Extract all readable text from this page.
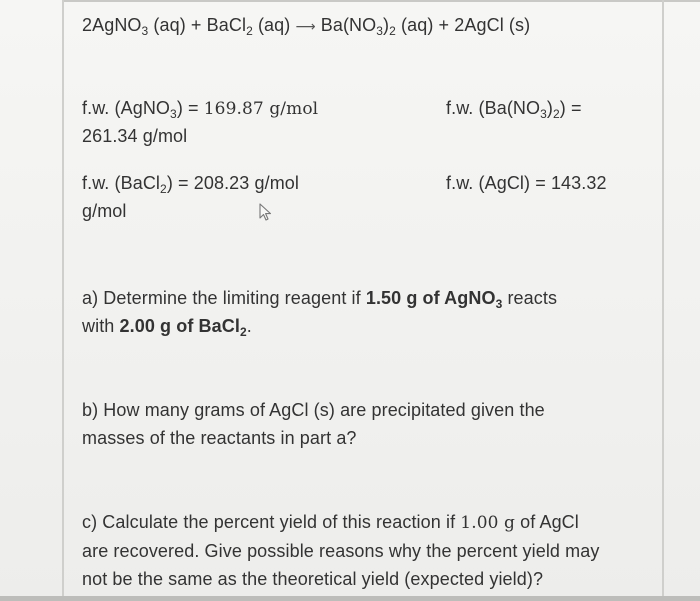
2AgNO$_3$ (aq) + BaCl$_2$ (aq) ⟶ $Ba(NO_3)_2$ (aq) + 2AgCl (s)
f.w. (AgNO$_3$) = 169.87 g/mol	f.w. $(Ba(NO_3)_2)$ =
261.34 g/mol
f.w. (BaCl$_2$) = 208.23 g/mol	f.w. (AgCl) = 143.32
g/mol
a) Determine the limiting reagent if 1.50 g of AgNO$_3$ reacts
with 2.00 g of BaCl$_2$.
b) How many grams of AgCl (s) are precipitated given the
masses of the reactants in part a?
c) Calculate the percent yield of this reaction if 1.00 g of AgCl
are recovered. Give possible reasons why the percent yield may
not be the same as the theoretical yield (expected yield)?
